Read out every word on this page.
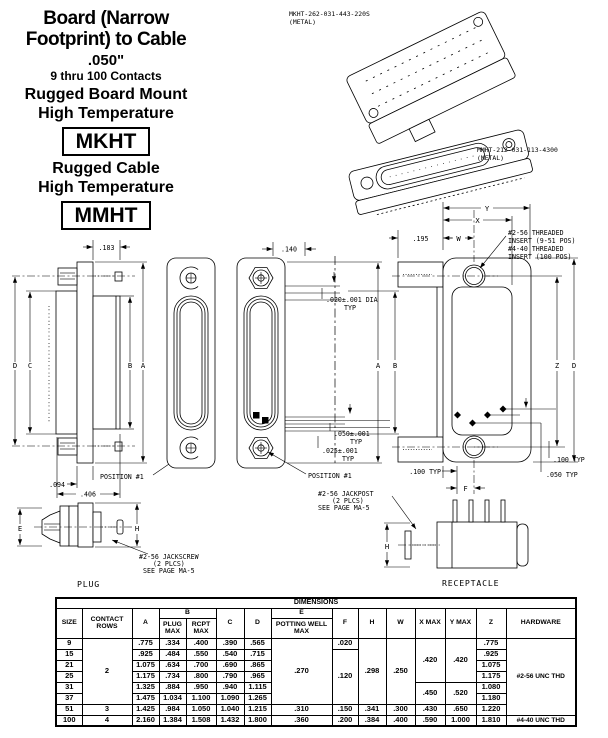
Board (Narrow
Footprint) to Cable
.050"
9 thru 100 Contacts
Rugged Board Mount
High Temperature
MKHT
Rugged Cable
High Temperature
MMHT
MKHT-262-031-443-220S
(METAL)
MMHT-212-031-113-4300
(METAL)
D C	B A
.183
.094
.406
POSITION #1
.140
.020±.001 DIA
TYP
.050±.001
TYP
.025±.001
TYP
POSITION #1
A B
.100 TYP
.050 TYP
Y
X
.195	W
#2-56 THREADED
INSERT (9-51 POS)
#4-40 THREADED
INSERT (100 POS)
Z D
.100 TYP
F
E	H
#2-56 JACKSCREW
(2 PLCS)
SEE PAGE MA-5
PLUG
#2-56 JACKPOST
(2 PLCS)
SEE PAGE MA-5
H
RECEPTACLE
DIMENSIONS														
SIZE	CONTACT ROWS	A	B		C	D	E	F	H	W	X MAX	Y MAX	Z	HARDWARE
			PLUG MAX	RCPT MAX			POTTING WELL MAX							
9	2	.775	.334	.400	.390	.565	.270	.020	.298	.250	.420	.420	.775	#2-56 UNC THD
15		.925	.484	.550	.540	.715		.120					.925	
21		1.075	.634	.700	.690	.865							1.075	
25		1.175	.734	.800	.790	.965							1.175	
31		1.325	.884	.950	.940	1.115					.450	.520	1.080	
37		1.475	1.034	1.100	1.090	1.265							1.180	
51	3	1.425	.984	1.050	1.040	1.215	.310	.150	.341	.300	.430	.650	1.220	
100	4	2.160	1.384	1.508	1.432	1.800	.360	.200	.384	.400	.590	1.000	1.810	#4-40 UNC THD
